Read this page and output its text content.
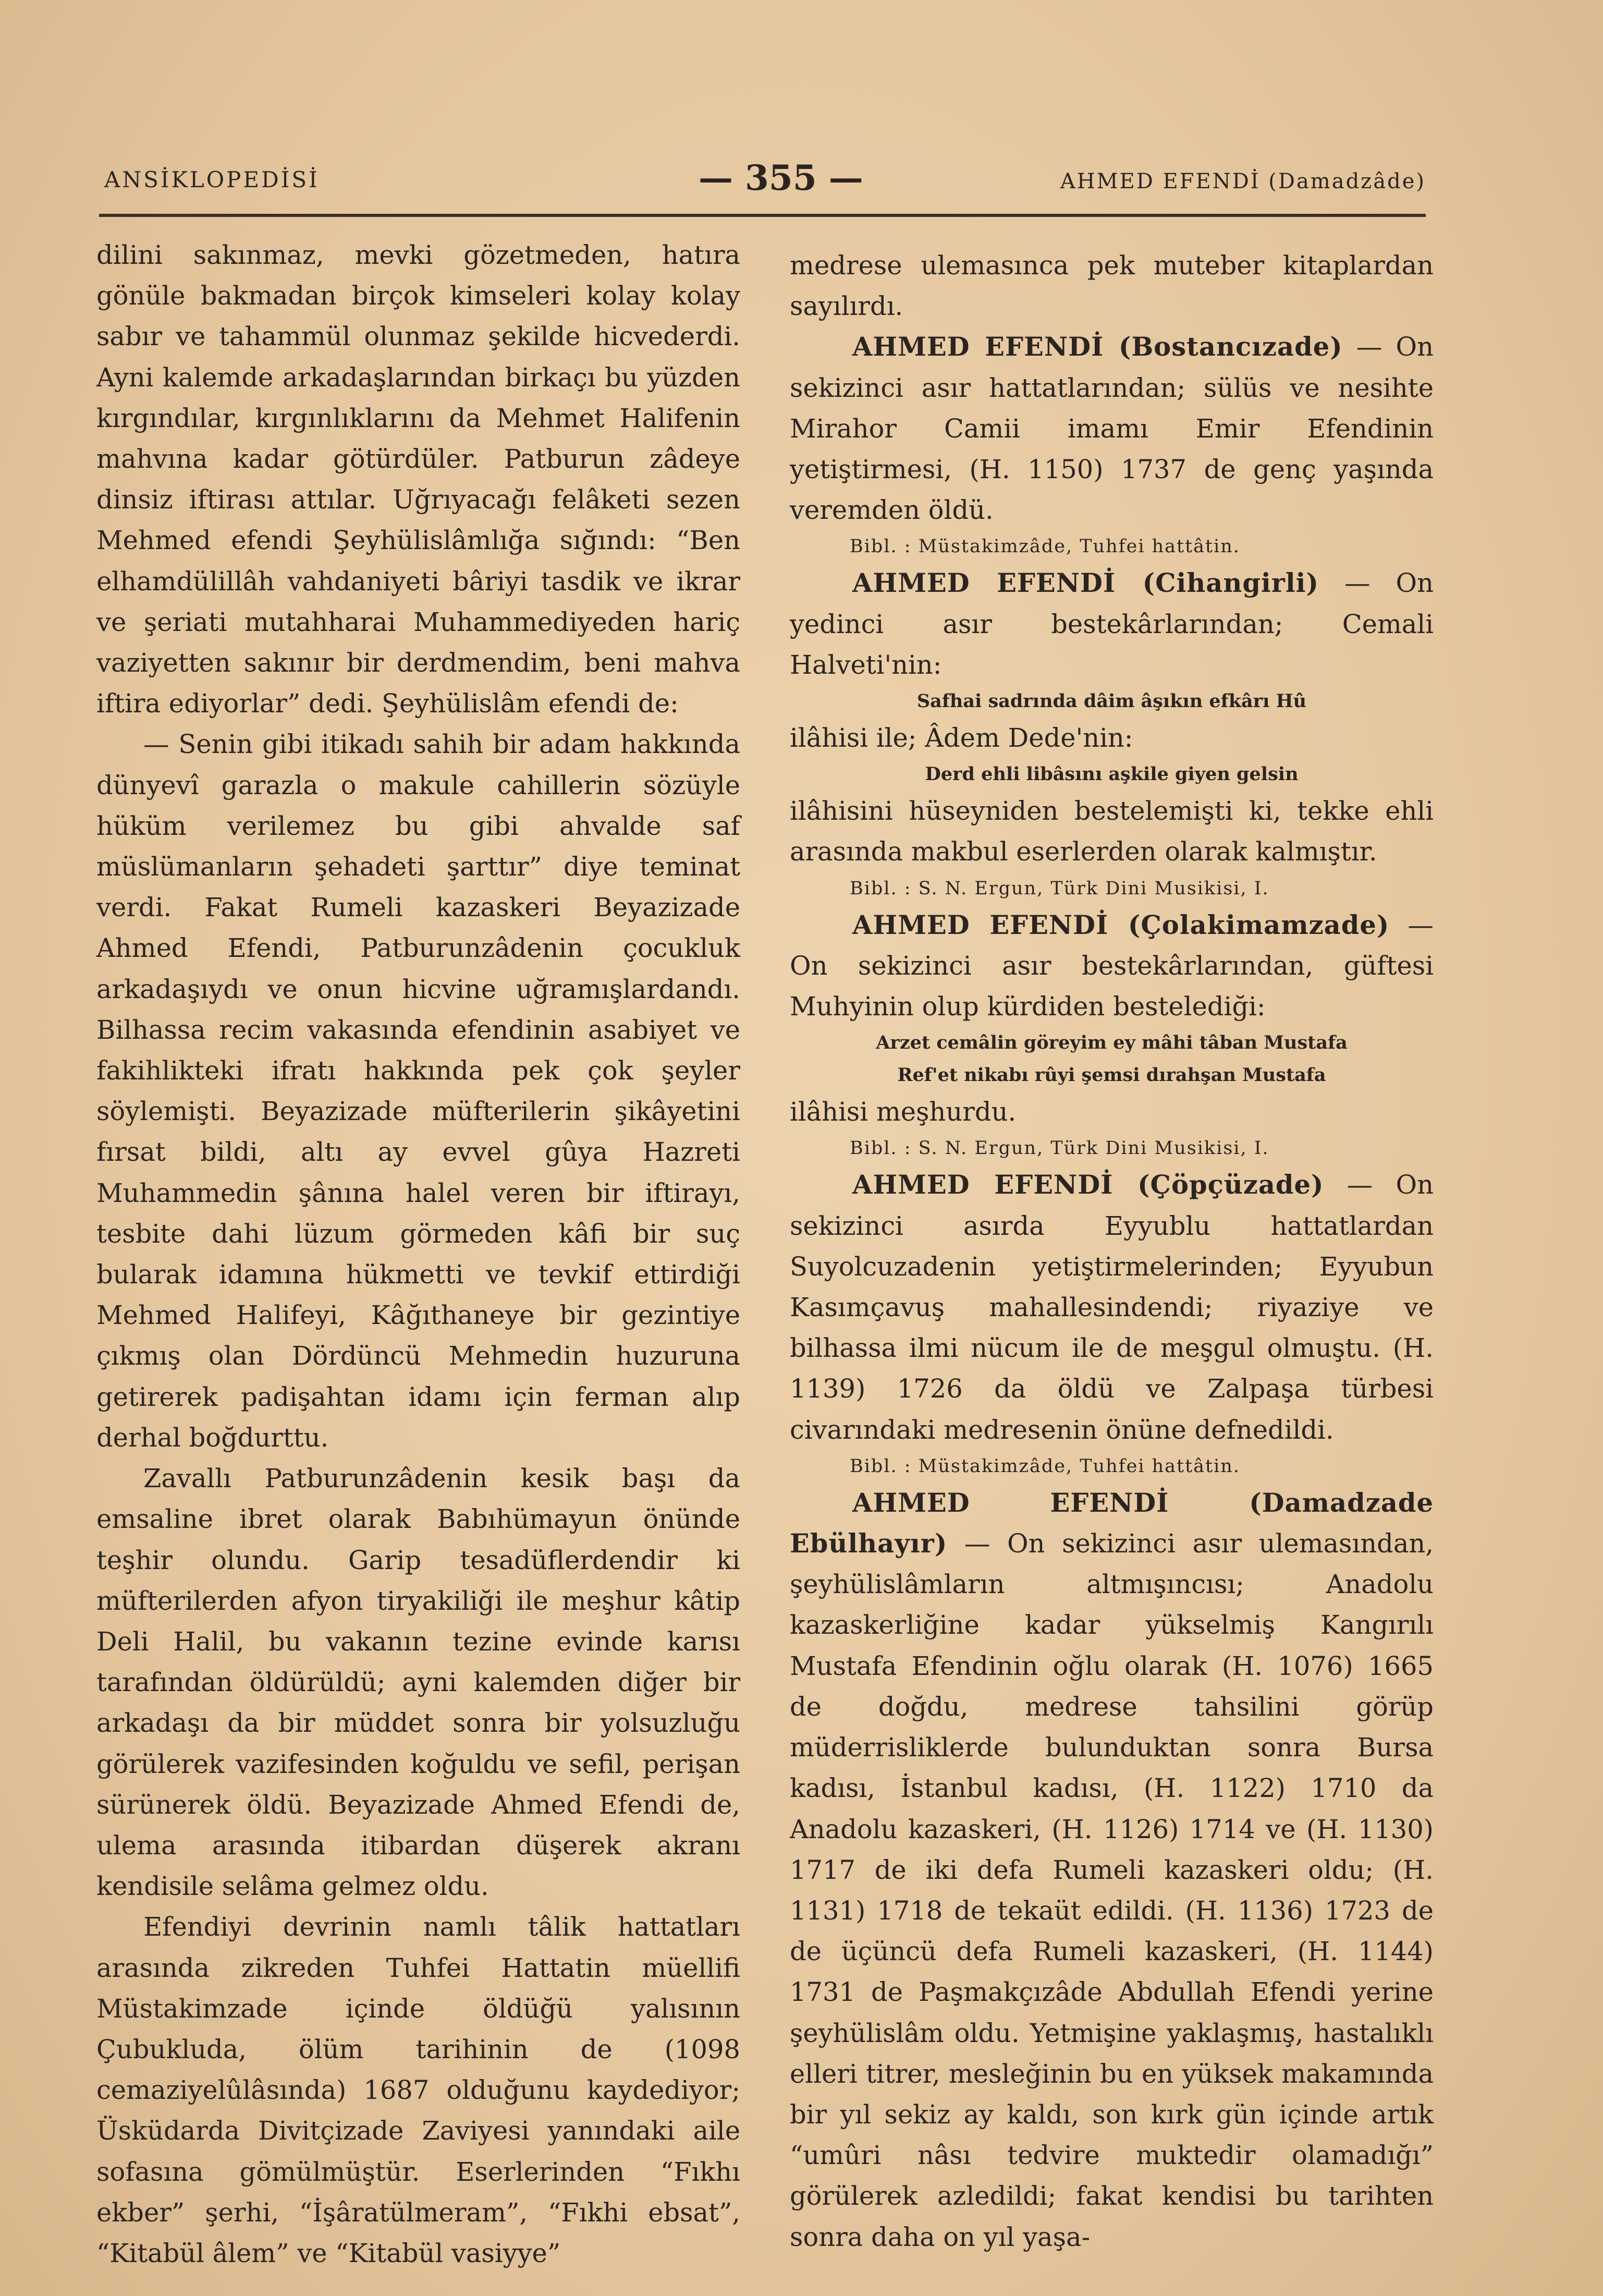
ANSİKLOPEDİSİ	— 355 —	AHMED EFENDİ (Damadzâde)

dilini sakınmaz, mevki gözetmeden, hatıra gönüle bakmadan birçok kimseleri kolay kolay sabır ve tahammül olunmaz şekilde hicvederdi. Ayni kalemde arkadaşlarından birkaçı bu yüzden kırgındılar, kırgınlıklarını da Mehmet Halifenin mahvına kadar götürdüler. Patburun zâdeye dinsiz iftirası attılar. Uğrıyacağı felâketi sezen Mehmed efendi Şeyhülislâmlığa sığındı: “Ben elhamdülillâh vahdaniyeti bâriyi tasdik ve ikrar ve şeriati mutahharai Muhammediyeden hariç vaziyetten sakınır bir derdmendim, beni mahva iftira ediyorlar” dedi. Şeyhülislâm efendi de:

— Senin gibi itikadı sahih bir adam hakkında dünyevî garazla o makule cahillerin sözüyle hüküm verilemez bu gibi ahvalde saf müslümanların şehadeti şarttır” diye teminat verdi. Fakat Rumeli kazaskeri Beyazizade Ahmed Efendi, Patburunzâdenin çocukluk arkadaşıydı ve onun hicvine uğramışlardandı. Bilhassa recim vakasında efendinin asabiyet ve fakihlikteki ifratı hakkında pek çok şeyler söylemişti. Beyazizade müfterilerin şikâyetini fırsat bildi, altı ay evvel gûya Hazreti Muhammedin şânına halel veren bir iftirayı, tesbite dahi lüzum görmeden kâfi bir suç bularak idamına hükmetti ve tevkif ettirdiği Mehmed Halifeyi, Kâğıthaneye bir gezintiye çıkmış olan Dördüncü Mehmedin huzuruna getirerek padişahtan idamı için ferman alıp derhal boğdurttu.

Zavallı Patburunzâdenin kesik başı da emsaline ibret olarak Babıhümayun önünde teşhir olundu. Garip tesadüflerdendir ki müfterilerden afyon tiryakiliği ile meşhur kâtip Deli Halil, bu vakanın tezine evinde karısı tarafından öldürüldü; ayni kalemden diğer bir arkadaşı da bir müddet sonra bir yolsuzluğu görülerek vazifesinden koğuldu ve sefil, perişan sürünerek öldü. Beyazizade Ahmed Efendi de, ulema arasında itibardan düşerek akranı kendisile selâma gelmez oldu.

Efendiyi devrinin namlı tâlik hattatları arasında zikreden Tuhfei Hattatin müellifi Müstakimzade içinde öldüğü yalısının Çubukluda, ölüm tarihinin de (1098 cemaziyelûlâsında) 1687 olduğunu kaydediyor; Üsküdarda Divitçizade Zaviyesi yanındaki aile sofasına gömülmüştür. Eserlerinden “Fıkhı ekber” şerhi, “İşâratülmeram”, “Fıkhi ebsat”, “Kitabül âlem” ve “Kitabül vasiyye”

medrese ulemasınca pek muteber kitaplardan sayılırdı.

AHMED EFENDİ (Bostancızade) — On sekizinci asır hattatlarından; sülüs ve nesihte Mirahor Camii imamı Emir Efendinin yetiştirmesi, (H. 1150) 1737 de genç yaşında veremden öldü.

Bibl. : Müstakimzâde, Tuhfei hattâtin.

AHMED EFENDİ (Cihangirli) — On yedinci asır bestekârlarından; Cemali Halveti'nin:

Safhai sadrında dâim âşıkın efkârı Hû

ilâhisi ile; Âdem Dede'nin:

Derd ehli libâsını aşkile giyen gelsin

ilâhisini hüseyniden bestelemişti ki, tekke ehli arasında makbul eserlerden olarak kalmıştır.

Bibl. : S. N. Ergun, Türk Dini Musikisi, I.

AHMED EFENDİ (Çolakimamzade) — On sekizinci asır bestekârlarından, güftesi Muhyinin olup kürdiden bestelediği:

Arzet cemâlin göreyim ey mâhi tâban Mustafa

Ref'et nikabı rûyi şemsi dırahşan Mustafa

ilâhisi meşhurdu.

Bibl. : S. N. Ergun, Türk Dini Musikisi, I.

AHMED EFENDİ (Çöpçüzade) — On sekizinci asırda Eyyublu hattatlardan Suyolcuzadenin yetiştirmelerinden; Eyyubun Kasımçavuş mahallesindendi; riyaziye ve bilhassa ilmi nücum ile de meşgul olmuştu. (H. 1139) 1726 da öldü ve Zalpaşa türbesi civarındaki medresenin önüne defnedildi.

Bibl. : Müstakimzâde, Tuhfei hattâtin.

AHMED EFENDİ (Damadzade Ebülhayır) — On sekizinci asır ulemasından, şeyhülislâmların altmışıncısı; Anadolu kazaskerliğine kadar yükselmiş Kangırılı Mustafa Efendinin oğlu olarak (H. 1076) 1665 de doğdu, medrese tahsilini görüp müderrisliklerde bulunduktan sonra Bursa kadısı, İstanbul kadısı, (H. 1122) 1710 da Anadolu kazaskeri, (H. 1126) 1714 ve (H. 1130) 1717 de iki defa Rumeli kazaskeri oldu; (H. 1131) 1718 de tekaüt edildi. (H. 1136) 1723 de de üçüncü defa Rumeli kazaskeri, (H. 1144) 1731 de Paşmakçızâde Abdullah Efendi yerine şeyhülislâm oldu. Yetmişine yaklaşmış, hastalıklı elleri titrer, mesleğinin bu en yüksek makamında bir yıl sekiz ay kaldı, son kırk gün içinde artık “umûri nâsı tedvire muktedir olamadığı” görülerek azledildi; fakat kendisi bu tarihten sonra daha on yıl yaşa-
